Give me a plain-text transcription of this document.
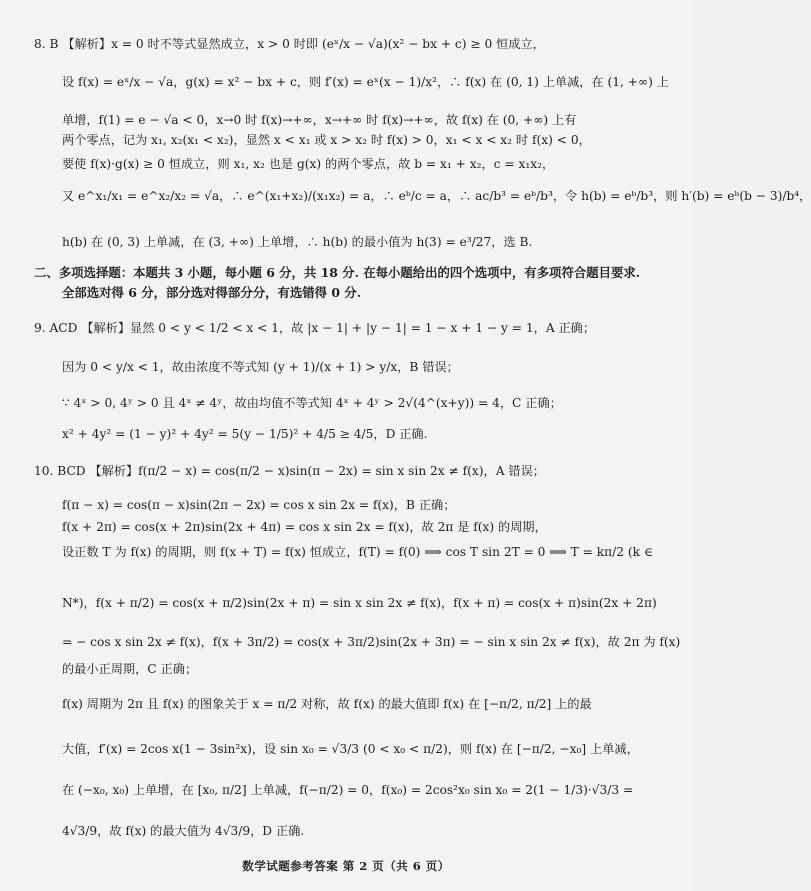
8. B 【解析】x = 0 时不等式显然成立，x > 0 时即 (eˣ/x − √a)(x² − bx + c) ≥ 0 恒成立，
设 f(x) = eˣ/x − √a，g(x) = x² − bx + c，则 f′(x) = eˣ(x − 1)/x²，∴ f(x) 在 (0, 1) 上单减，在 (1, +∞) 上
单增，f(1) = e − √a < 0，x→0 时 f(x)→+∞，x→+∞ 时 f(x)→+∞，故 f(x) 在 (0, +∞) 上有
两个零点，记为 x₁, x₂(x₁ < x₂)，显然 x < x₁ 或 x > x₂ 时 f(x) > 0，x₁ < x < x₂ 时 f(x) < 0，
要使 f(x)·g(x) ≥ 0 恒成立，则 x₁, x₂ 也是 g(x) 的两个零点，故 b = x₁ + x₂，c = x₁x₂，
又 e^x₁/x₁ = e^x₂/x₂ = √a，∴ e^(x₁+x₂)/(x₁x₂) = a，∴ eᵇ/c = a，∴ ac/b³ = eᵇ/b³，令 h(b) = eᵇ/b³，则 h′(b) = eᵇ(b − 3)/b⁴，
h(b) 在 (0, 3) 上单减，在 (3, +∞) 上单增，∴ h(b) 的最小值为 h(3) = e³/27，选 B.
二、多项选择题：本题共 3 小题，每小题 6 分，共 18 分. 在每小题给出的四个选项中，有多项符合题目要求.
全部选对得 6 分，部分选对得部分分，有选错得 0 分.
9. ACD 【解析】显然 0 < y < 1/2 < x < 1，故 |x − 1| + |y − 1| = 1 − x + 1 − y = 1，A 正确；
因为 0 < y/x < 1，故由浓度不等式知 (y + 1)/(x + 1) > y/x，B 错误；
∵ 4ˣ > 0, 4ʸ > 0 且 4ˣ ≠ 4ʸ，故由均值不等式知 4ˣ + 4ʸ > 2√(4^(x+y)) = 4，C 正确；
x² + 4y² = (1 − y)² + 4y² = 5(y − 1/5)² + 4/5 ≥ 4/5，D 正确.
10. BCD 【解析】f(π/2 − x) = cos(π/2 − x)sin(π − 2x) = sin x sin 2x ≠ f(x)，A 错误；
f(π − x) = cos(π − x)sin(2π − 2x) = cos x sin 2x = f(x)，B 正确；
f(x + 2π) = cos(x + 2π)sin(2x + 4π) = cos x sin 2x = f(x)，故 2π 是 f(x) 的周期，
设正数 T 为 f(x) 的周期，则 f(x + T) = f(x) 恒成立，f(T) = f(0) ⟹ cos T sin 2T = 0 ⟹ T = kπ/2 (k ∈
N*)，f(x + π/2) = cos(x + π/2)sin(2x + π) = sin x sin 2x ≠ f(x)，f(x + π) = cos(x + π)sin(2x + 2π)
= − cos x sin 2x ≠ f(x)，f(x + 3π/2) = cos(x + 3π/2)sin(2x + 3π) = − sin x sin 2x ≠ f(x)，故 2π 为 f(x)
的最小正周期，C 正确；
f(x) 周期为 2π 且 f(x) 的图象关于 x = π/2 对称，故 f(x) 的最大值即 f(x) 在 [−π/2, π/2] 上的最
大值，f′(x) = 2cos x(1 − 3sin²x)，设 sin x₀ = √3/3 (0 < x₀ < π/2)，则 f(x) 在 [−π/2, −x₀] 上单减，
在 (−x₀, x₀) 上单增，在 [x₀, π/2] 上单减，f(−π/2) = 0，f(x₀) = 2cos²x₀ sin x₀ = 2(1 − 1/3)·√3/3 =
4√3/9，故 f(x) 的最大值为 4√3/9，D 正确.
数学试题参考答案 第 2 页（共 6 页）
